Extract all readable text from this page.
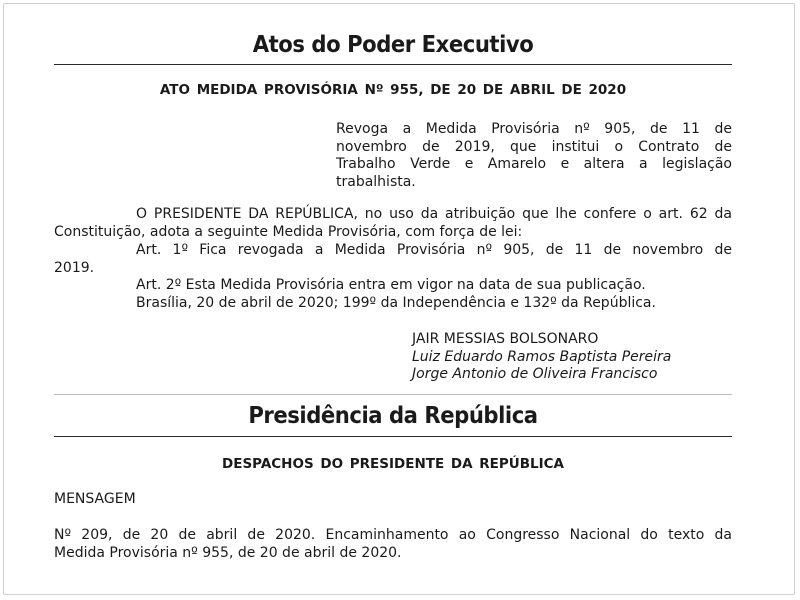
Atos do Poder Executivo
ATO MEDIDA PROVISÓRIA Nº 955, DE 20 DE ABRIL DE 2020
Revoga a Medida Provisória nº 905, de 11 de
novembro de 2019, que institui o Contrato de
Trabalho Verde e Amarelo e altera a legislação
trabalhista.
O PRESIDENTE DA REPÚBLICA, no uso da atribuição que lhe confere o art. 62 da
Constituição, adota a seguinte Medida Provisória, com força de lei:
Art. 1º Fica revogada a Medida Provisória nº 905, de 11 de novembro de
2019.
Art. 2º Esta Medida Provisória entra em vigor na data de sua publicação.
Brasília, 20 de abril de 2020; 199º da Independência e 132º da República.
JAIR MESSIAS BOLSONARO
Luiz Eduardo Ramos Baptista Pereira
Jorge Antonio de Oliveira Francisco
Presidência da República
DESPACHOS DO PRESIDENTE DA REPÚBLICA
MENSAGEM
Nº 209, de 20 de abril de 2020. Encaminhamento ao Congresso Nacional do texto da
Medida Provisória nº 955, de 20 de abril de 2020.
